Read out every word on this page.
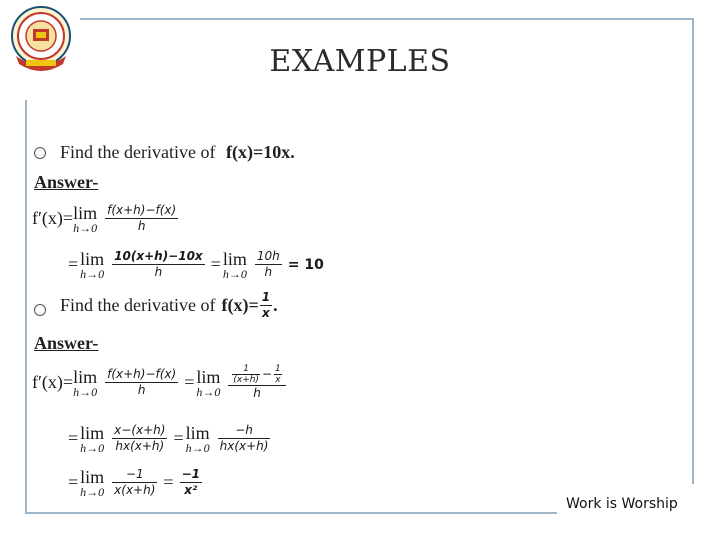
EXAMPLES
Find the derivative of f(x)=10x.
Answer-
f′(x)= lim
$h\to 0 \frac{f(x+h)-f(x)}{h}$
= lim
$h\to 0 \frac{10(x+h)-10x}{h} = \lim$
$h\to 0 \frac{10h}{h} = 10$
Find the derivative of $f(x)= \frac{1}{x}$ .
Answer-
f′(x)= lim
$h\to 0 \frac{f(x+h)-f(x)}{h} = \lim$
h→0
$\frac{1}{(x+h)} - \frac{1}{x}$
h
= lim
$h\to 0 \frac{x-(x+h)}{hx(x+h)} = \lim$
$h\to 0 \frac{-h}{hx(x+h)}$
= lim
$h\to 0 \frac{-1}{x(x+h)} = \frac{-1}{\text{x²}}$
Work is Worship
